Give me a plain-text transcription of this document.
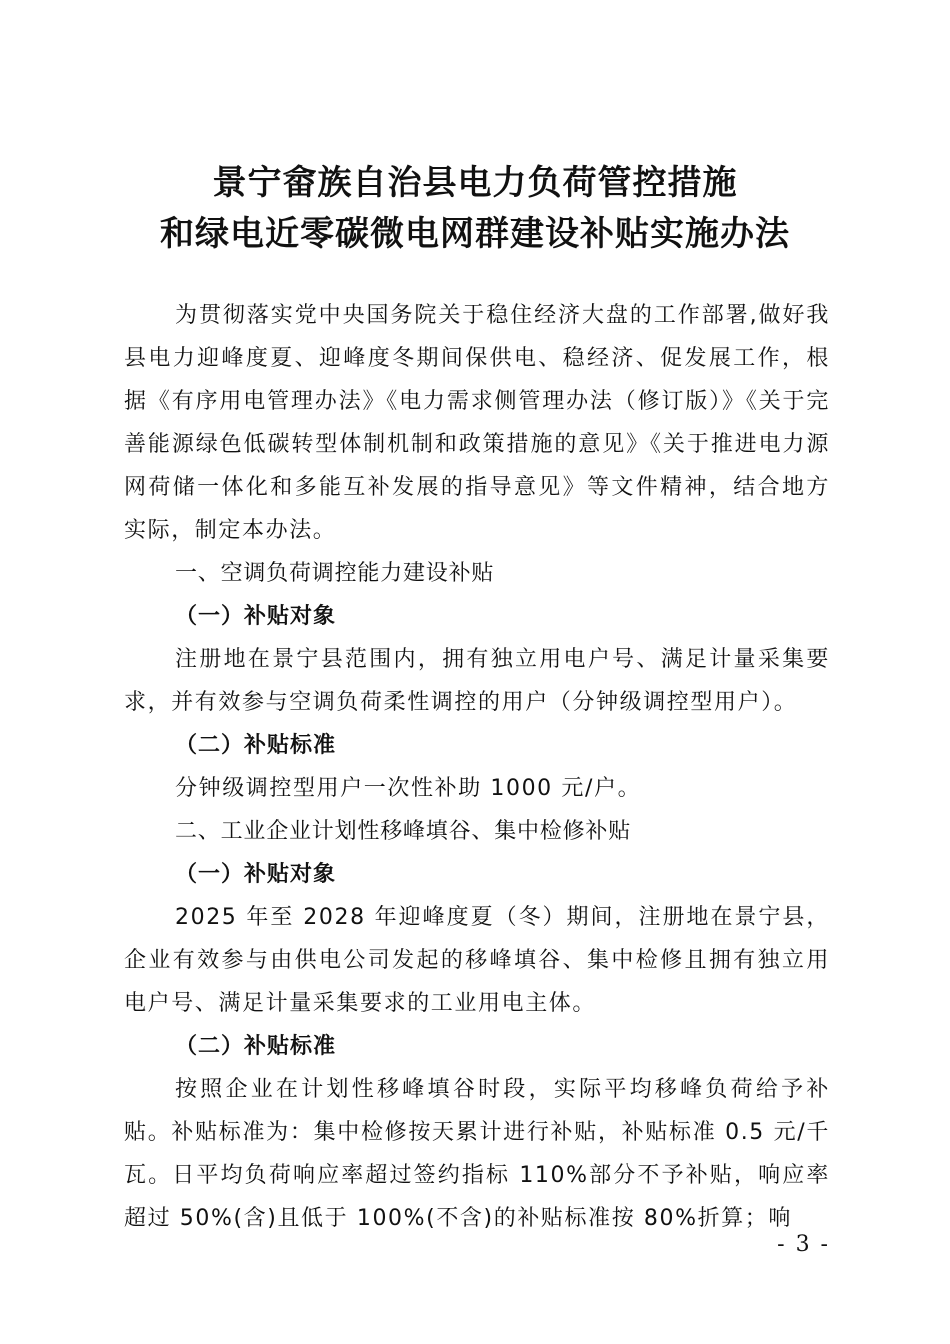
景宁畲族自治县电力负荷管控措施
和绿电近零碳微电网群建设补贴实施办法

为贯彻落实党中央国务院关于稳住经济大盘的工作部署,做好我县电力迎峰度夏、迎峰度冬期间保供电、稳经济、促发展工作，根据《有序用电管理办法》《电力需求侧管理办法（修订版）》《关于完善能源绿色低碳转型体制机制和政策措施的意见》《关于推进电力源网荷储一体化和多能互补发展的指导意见》等文件精神，结合地方实际，制定本办法。

一、空调负荷调控能力建设补贴

（一）补贴对象

注册地在景宁县范围内，拥有独立用电户号、满足计量采集要求，并有效参与空调负荷柔性调控的用户（分钟级调控型用户）。

（二）补贴标准

分钟级调控型用户一次性补助 1000 元/户。

二、工业企业计划性移峰填谷、集中检修补贴

（一）补贴对象

2025 年至 2028 年迎峰度夏（冬）期间，注册地在景宁县，企业有效参与由供电公司发起的移峰填谷、集中检修且拥有独立用电户号、满足计量采集要求的工业用电主体。

（二）补贴标准

按照企业在计划性移峰填谷时段，实际平均移峰负荷给予补贴。补贴标准为：集中检修按天累计进行补贴，补贴标准 0.5 元/千瓦。日平均负荷响应率超过签约指标 110%部分不予补贴，响应率超过 50%(含)且低于 100%(不含)的补贴标准按 80%折算；响

- 3 -
